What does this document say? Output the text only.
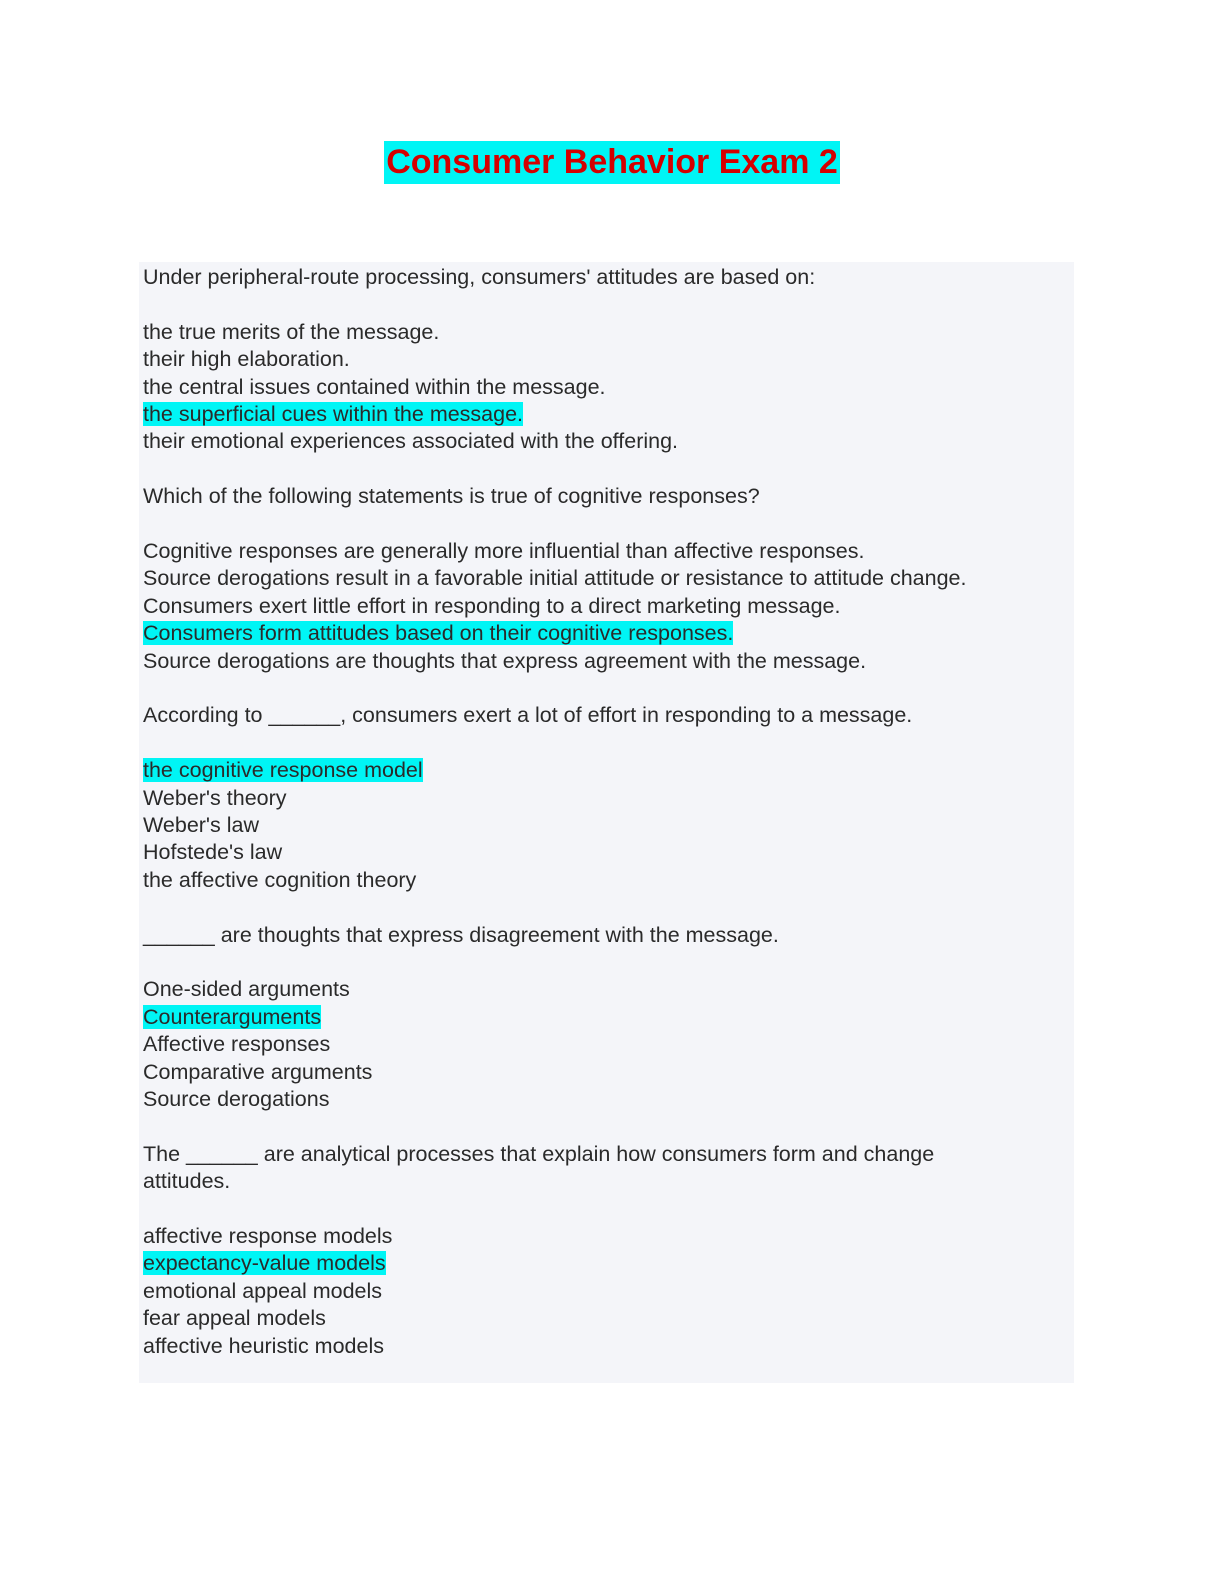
Consumer Behavior Exam 2
Under peripheral-route processing, consumers' attitudes are based on:
the true merits of the message.
their high elaboration.
the central issues contained within the message.
the superficial cues within the message.
their emotional experiences associated with the offering.
Which of the following statements is true of cognitive responses?
Cognitive responses are generally more influential than affective responses.
Source derogations result in a favorable initial attitude or resistance to attitude change.
Consumers exert little effort in responding to a direct marketing message.
Consumers form attitudes based on their cognitive responses.
Source derogations are thoughts that express agreement with the message.
According to ______, consumers exert a lot of effort in responding to a message.
the cognitive response model
Weber's theory
Weber's law
Hofstede's law
the affective cognition theory
______ are thoughts that express disagreement with the message.
One-sided arguments
Counterarguments
Affective responses
Comparative arguments
Source derogations
The ______ are analytical processes that explain how consumers form and change attitudes.
affective response models
expectancy-value models
emotional appeal models
fear appeal models
affective heuristic models
